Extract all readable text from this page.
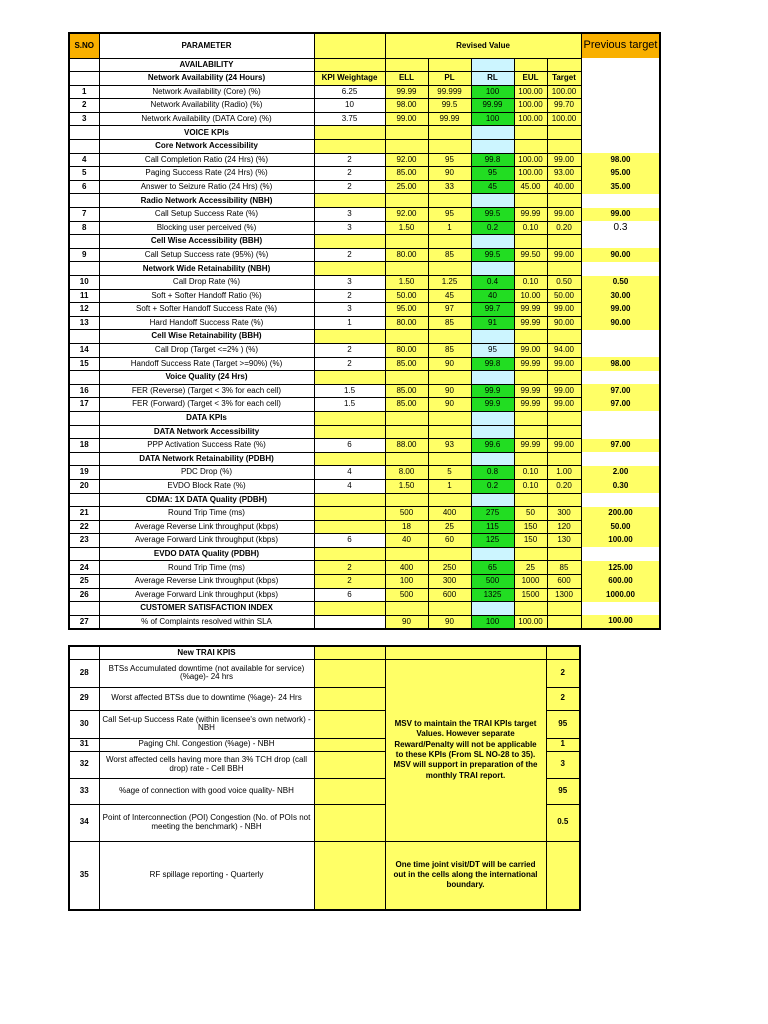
S.NO	PARAMETER		Revised Value					Previous target
	AVAILABILITY							
	Network Availability (24 Hours)	KPI Weightage	ELL	PL	RL	EUL	Target	
1	Network Availability (Core) (%)	6.25	99.99	99.999	100	100.00	100.00	
2	Network Availability (Radio) (%)	10	98.00	99.5	99.99	100.00	99.70	
3	Network Availability (DATA Core) (%)	3.75	99.00	99.99	100	100.00	100.00	
	VOICE KPIs							
	Core Network Accessibility							
4	Call Completion Ratio (24 Hrs) (%)	2	92.00	95	99.8	100.00	99.00	98.00
5	Paging Success Rate (24 Hrs) (%)	2	85.00	90	95	100.00	93.00	95.00
6	Answer to Seizure Ratio (24 Hrs) (%)	2	25.00	33	45	45.00	40.00	35.00
	Radio Network Accessibility (NBH)							
7	Call Setup Success Rate (%)	3	92.00	95	99.5	99.99	99.00	99.00
8	Blocking user perceived (%)	3	1.50	1	0.2	0.10	0.20	0.3
	Cell Wise Accessibility (BBH)							
9	Call Setup Success rate (95%) (%)	2	80.00	85	99.5	99.50	99.00	90.00
	Network Wide Retainability (NBH)							
10	Call Drop Rate (%)	3	1.50	1.25	0.4	0.10	0.50	0.50
11	Soft + Softer Handoff Ratio (%)	2	50.00	45	40	10.00	50.00	30.00
12	Soft + Softer Handoff Success Rate (%)	3	95.00	97	99.7	99.99	99.00	99.00
13	Hard Handoff Success Rate (%)	1	80.00	85	91	99.99	90.00	90.00
	Cell Wise Retainability (BBH)							
14	Call Drop (Target <=2% ) (%)	2	80.00	85	95	99.00	94.00	
15	Handoff Success Rate (Target >=90%) (%)	2	85.00	90	99.8	99.99	99.00	98.00
	Voice Quality (24 Hrs)							
16	FER (Reverse) (Target < 3% for each cell)	1.5	85.00	90	99.9	99.99	99.00	97.00
17	FER (Forward) (Target < 3% for each cell)	1.5	85.00	90	99.9	99.99	99.00	97.00
	DATA KPIs							
	DATA Network Accessibility							
18	PPP Activation Success Rate (%)	6	88.00	93	99.6	99.99	99.00	97.00
	DATA Network Retainability (PDBH)							
19	PDC Drop (%)	4	8.00	5	0.8	0.10	1.00	2.00
20	EVDO Block Rate (%)	4	1.50	1	0.2	0.10	0.20	0.30
	CDMA: 1X DATA Quality (PDBH)							
21	Round Trip Time (ms)		500	400	275	50	300	200.00
22	Average Reverse Link throughput (kbps)		18	25	115	150	120	50.00
23	Average Forward Link throughput (kbps)	6	40	60	125	150	130	100.00
	EVDO DATA Quality (PDBH)							
24	Round Trip Time (ms)	2	400	250	65	25	85	125.00
25	Average Reverse Link throughput (kbps)	2	100	300	500	1000	600	600.00
26	Average Forward Link throughput (kbps)	6	500	600	1325	1500	1300	1000.00
	CUSTOMER SATISFACTION INDEX							
27	% of Complaints resolved within SLA		90	90	100	100.00		100.00
	New TRAI KPIS			
28	BTSs Accumulated downtime (not available for service) (%age)- 24 hrs		MSV to maintain the TRAI KPIs target Values. However separate Reward/Penalty will not be applicable to these KPIs (From SL NO-28 to 35). MSV will support in preparation of the monthly TRAI report.	2
29	Worst affected BTSs due to downtime (%age)- 24 Hrs			2
30	Call Set-up Success Rate (within licensee's own network) - NBH			95
31	Paging Chl. Congestion (%age) - NBH			1
32	Worst affected cells having more than 3% TCH drop (call drop) rate - Cell BBH			3
33	%age of connection with good voice quality- NBH			95
34	Point of Interconnection (POI) Congestion (No. of POIs not meeting the benchmark) - NBH			0.5
35	RF spillage reporting - Quarterly		One time joint visit/DT will be carried out in the cells along the international boundary.	
